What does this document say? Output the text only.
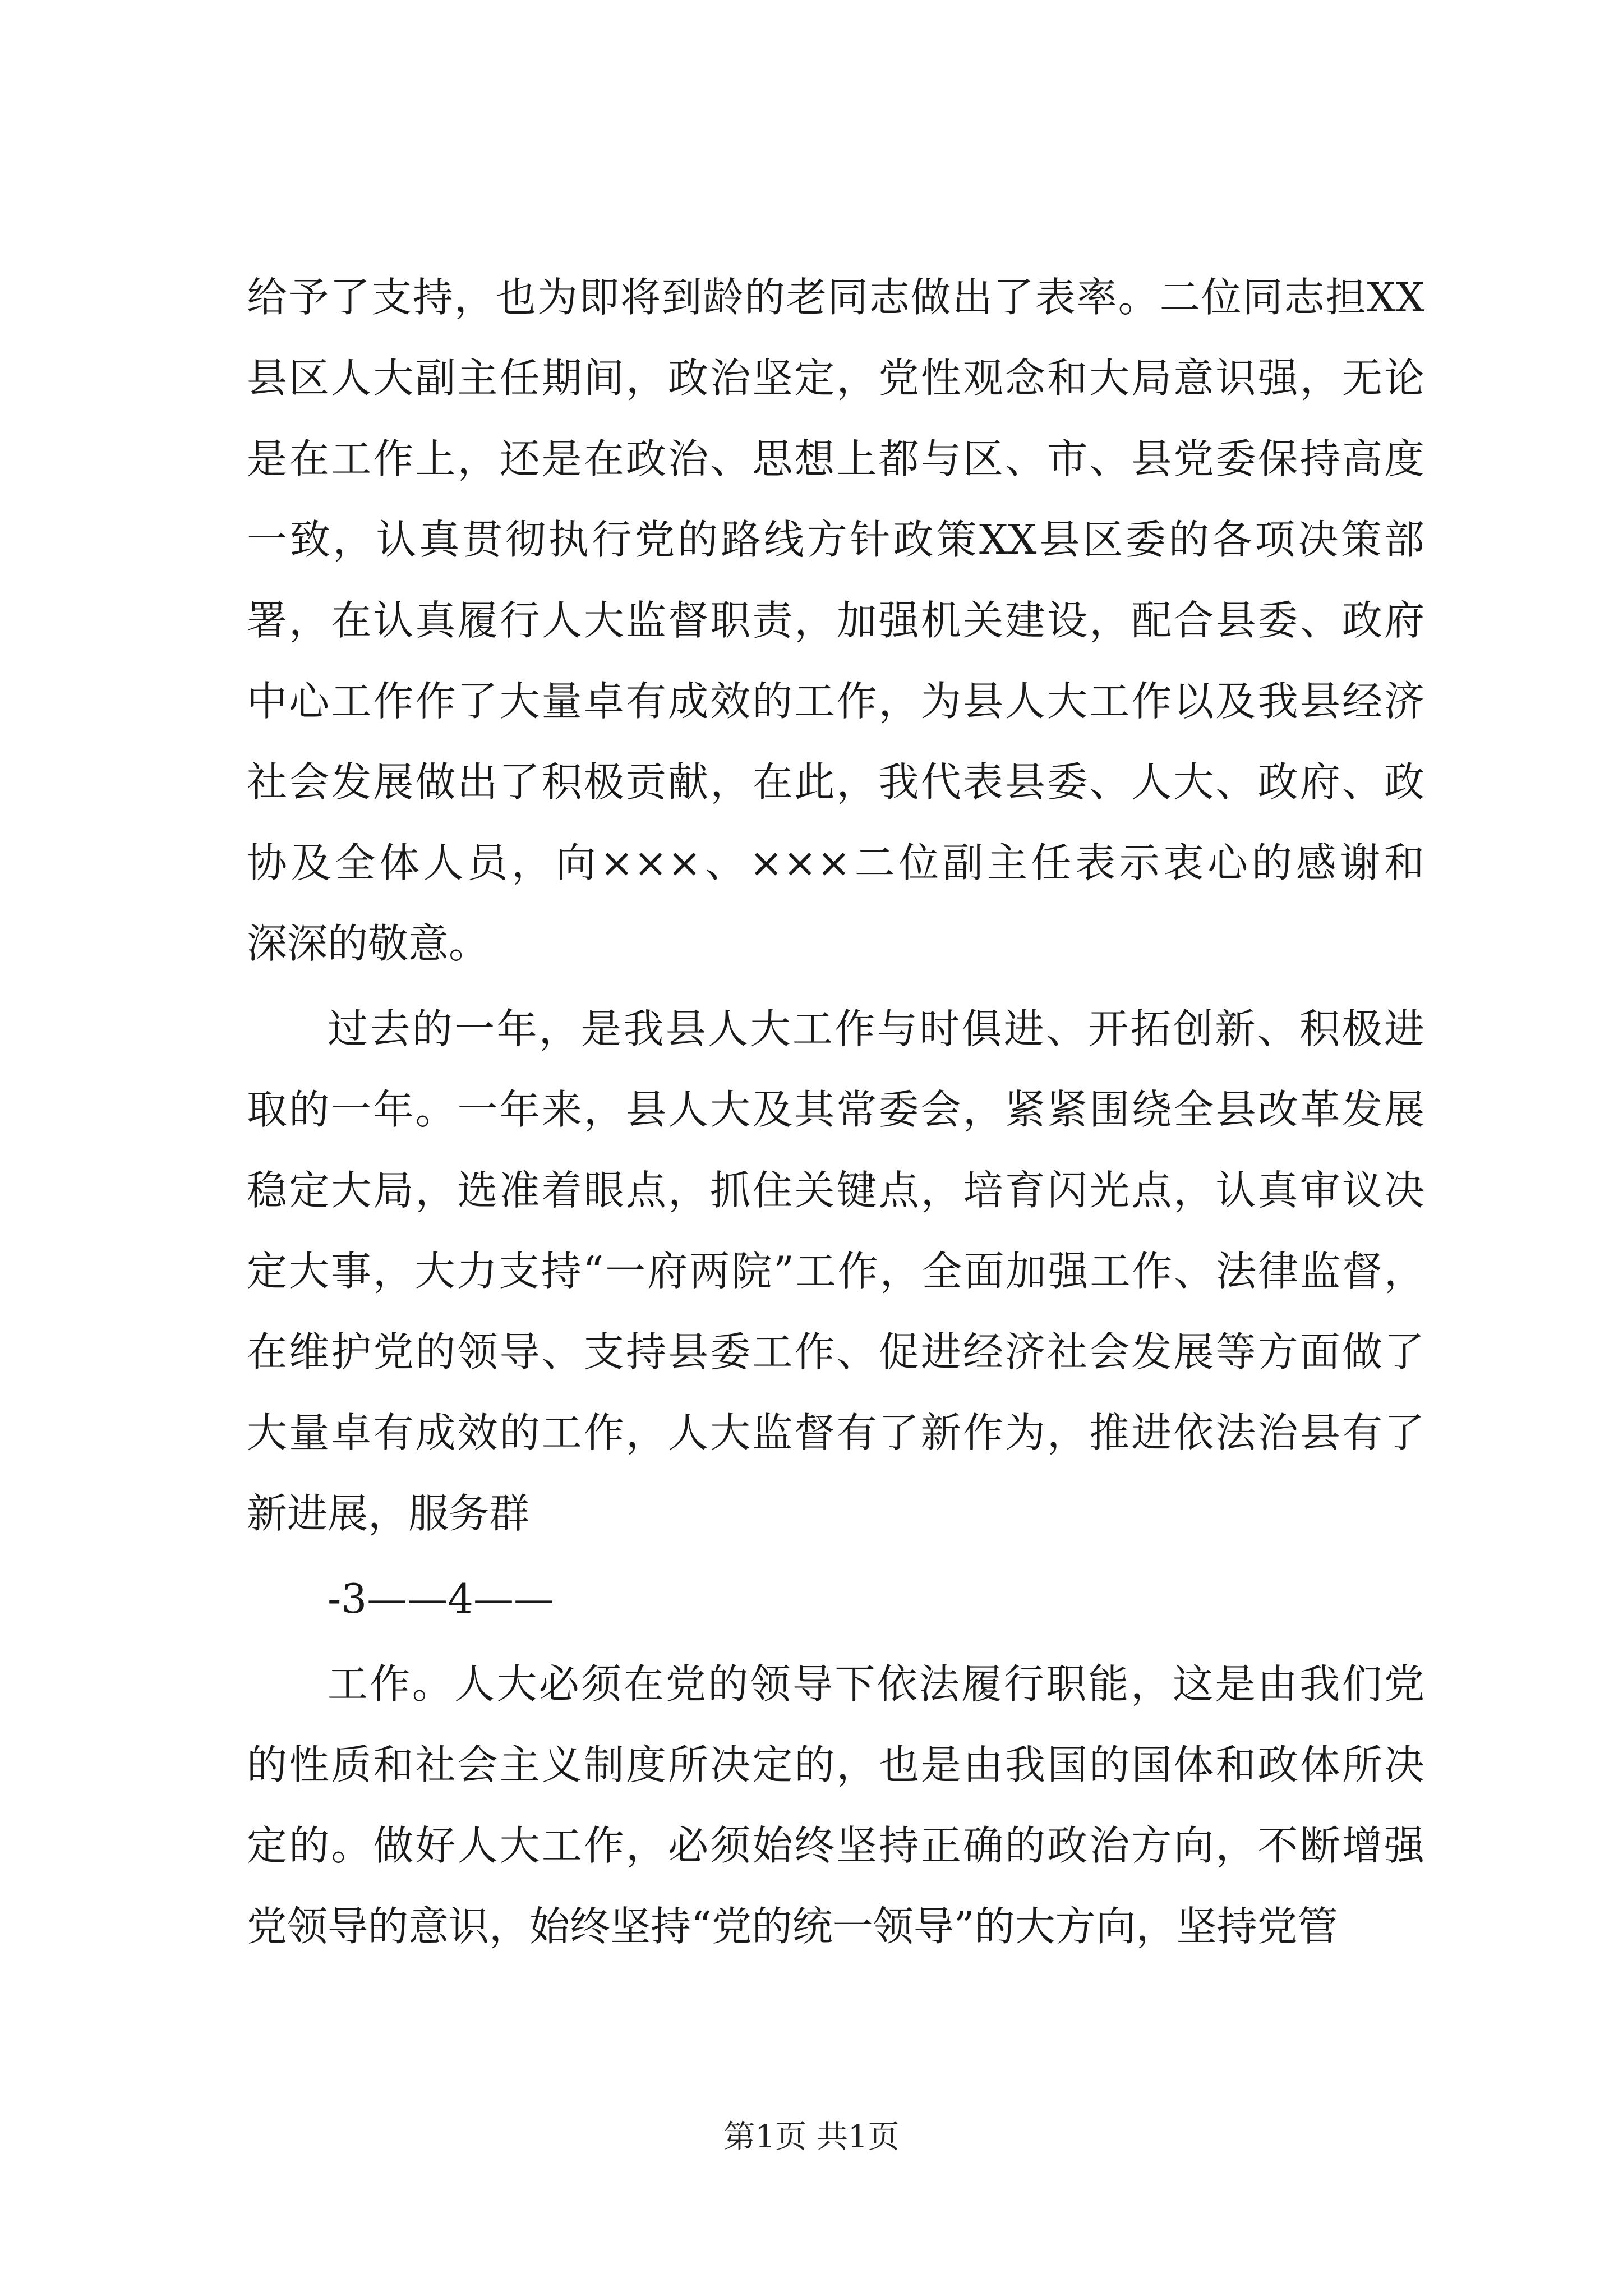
给予了支持，也为即将到龄的老同志做出了表率。二位同志担XX
县区人大副主任期间，政治坚定，党性观念和大局意识强，无论
是在工作上，还是在政治、思想上都与区、市、县党委保持高度
一致，认真贯彻执行党的路线方针政策XX县区委的各项决策部
署，在认真履行人大监督职责，加强机关建设，配合县委、政府
中心工作作了大量卓有成效的工作，为县人大工作以及我县经济
社会发展做出了积极贡献，在此，我代表县委、人大、政府、政
协及全体人员，向×××、×××二位副主任表示衷心的感谢和
深深的敬意。
过去的一年，是我县人大工作与时俱进、开拓创新、积极进
取的一年。一年来，县人大及其常委会，紧紧围绕全县改革发展
稳定大局，选准着眼点，抓住关键点，培育闪光点，认真审议决
定大事，大力支持“一府两院”工作，全面加强工作、法律监督，
在维护党的领导、支持县委工作、促进经济社会发展等方面做了
大量卓有成效的工作，人大监督有了新作为，推进依法治县有了
新进展，服务群
-3——4——
工作。人大必须在党的领导下依法履行职能，这是由我们党
的性质和社会主义制度所决定的，也是由我国的国体和政体所决
定的。做好人大工作，必须始终坚持正确的政治方向，不断增强
党领导的意识，始终坚持“党的统一领导”的大方向，坚持党管
第1页 共1页
